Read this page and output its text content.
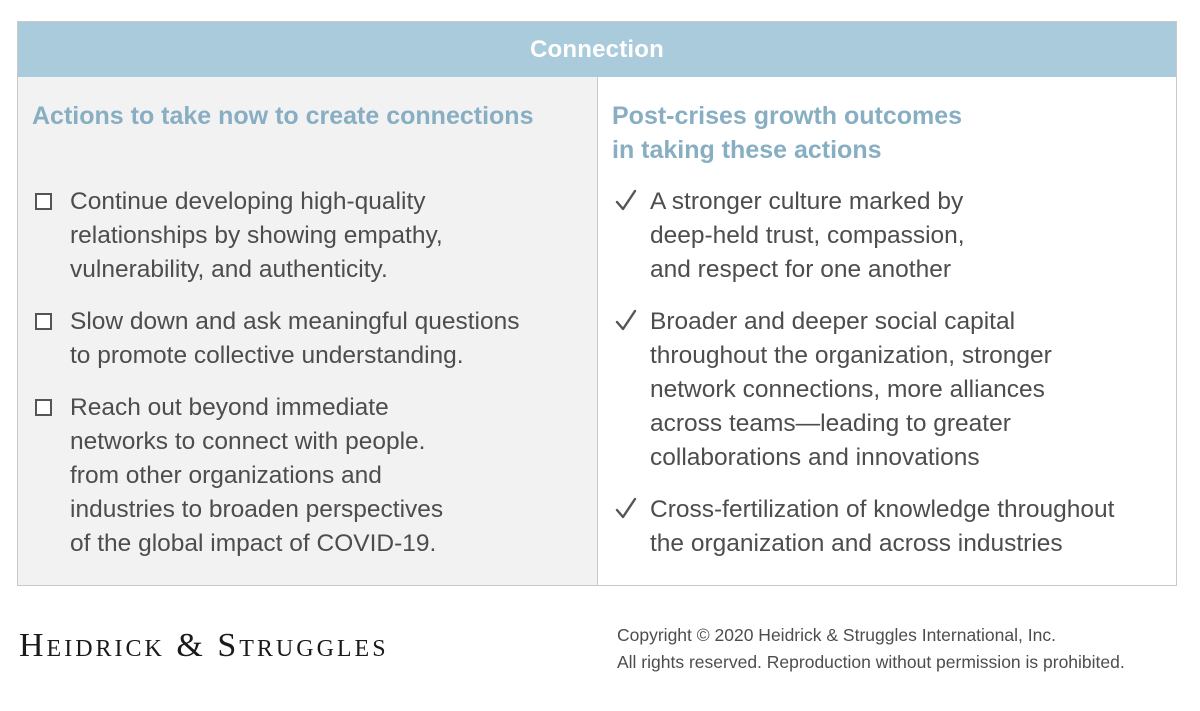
Connection
Actions to take now to create connections
Continue developing high-quality
relationships by showing empathy,
vulnerability, and authenticity.
Slow down and ask meaningful questions
to promote collective understanding.
Reach out beyond immediate
networks to connect with people.
from other organizations and
industries to broaden perspectives
of the global impact of COVID-19.
Post-crises growth outcomes
in taking these actions
A stronger culture marked by
deep-held trust, compassion,
and respect for one another
Broader and deeper social capital
throughout the organization, stronger
network connections, more alliances
across teams—leading to greater
collaborations and innovations
Cross-fertilization of knowledge throughout
the organization and across industries
Heidrick & Struggles	Copyright © 2020 Heidrick & Struggles International, Inc.
All rights reserved. Reproduction without permission is prohibited.
